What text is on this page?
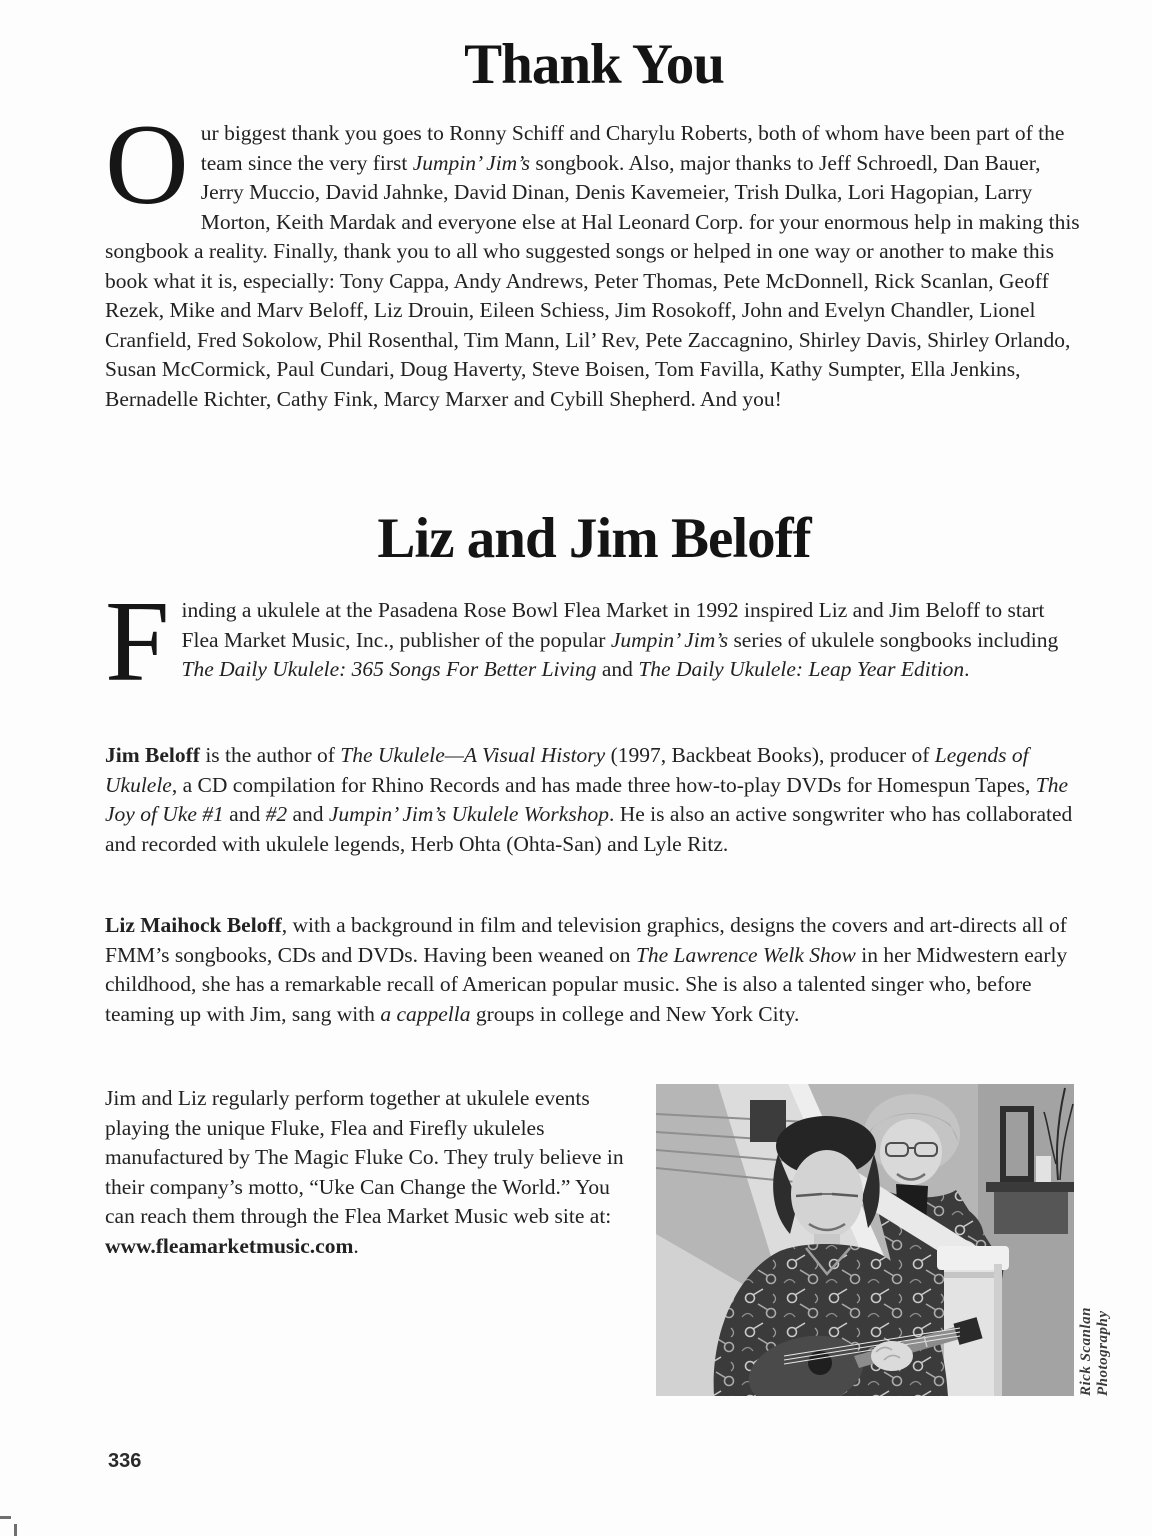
Thank You
Our biggest thank you goes to Ronny Schiff and Charylu Roberts, both of whom have been part of the team since the very first Jumpin’ Jim’s songbook. Also, major thanks to Jeff Schroedl, Dan Bauer, Jerry Muccio, David Jahnke, David Dinan, Denis Kavemeier, Trish Dulka, Lori Hagopian, Larry Morton, Keith Mardak and everyone else at Hal Leonard Corp. for your enormous help in making this songbook a reality. Finally, thank you to all who suggested songs or helped in one way or another to make this book what it is, especially: Tony Cappa, Andy Andrews, Peter Thomas, Pete McDonnell, Rick Scanlan, Geoff Rezek, Mike and Marv Beloff, Liz Drouin, Eileen Schiess, Jim Rosokoff, John and Evelyn Chandler, Lionel Cranfield, Fred Sokolow, Phil Rosenthal, Tim Mann, Lil’ Rev, Pete Zaccagnino, Shirley Davis, Shirley Orlando, Susan McCormick, Paul Cundari, Doug Haverty, Steve Boisen, Tom Favilla, Kathy Sumpter, Ella Jenkins, Bernadelle Richter, Cathy Fink, Marcy Marxer and Cybill Shepherd. And you!
Liz and Jim Beloff
Finding a ukulele at the Pasadena Rose Bowl Flea Market in 1992 inspired Liz and Jim Beloff to start Flea Market Music, Inc., publisher of the popular Jumpin’ Jim’s series of ukulele songbooks including The Daily Ukulele: 365 Songs For Better Living and The Daily Ukulele: Leap Year Edition.
Jim Beloff is the author of The Ukulele—A Visual History (1997, Backbeat Books), producer of Legends of Ukulele, a CD compilation for Rhino Records and has made three how-to-play DVDs for Homespun Tapes, The Joy of Uke #1 and #2 and Jumpin’ Jim’s Ukulele Workshop. He is also an active songwriter who has collaborated and recorded with ukulele legends, Herb Ohta (Ohta-San) and Lyle Ritz.
Liz Maihock Beloff, with a background in film and television graphics, designs the covers and art-directs all of FMM’s songbooks, CDs and DVDs. Having been weaned on The Lawrence Welk Show in her Midwestern early childhood, she has a remarkable recall of American popular music. She is also a talented singer who, before teaming up with Jim, sang with a cappella groups in college and New York City.
Jim and Liz regularly perform together at ukulele events playing the unique Fluke, Flea and Firefly ukuleles manufactured by The Magic Fluke Co. They truly believe in their company’s motto, “Uke Can Change the World.” You can reach them through the Flea Market Music web site at:
www.fleamarketmusic.com.
Rick Scanlan Photography

336
